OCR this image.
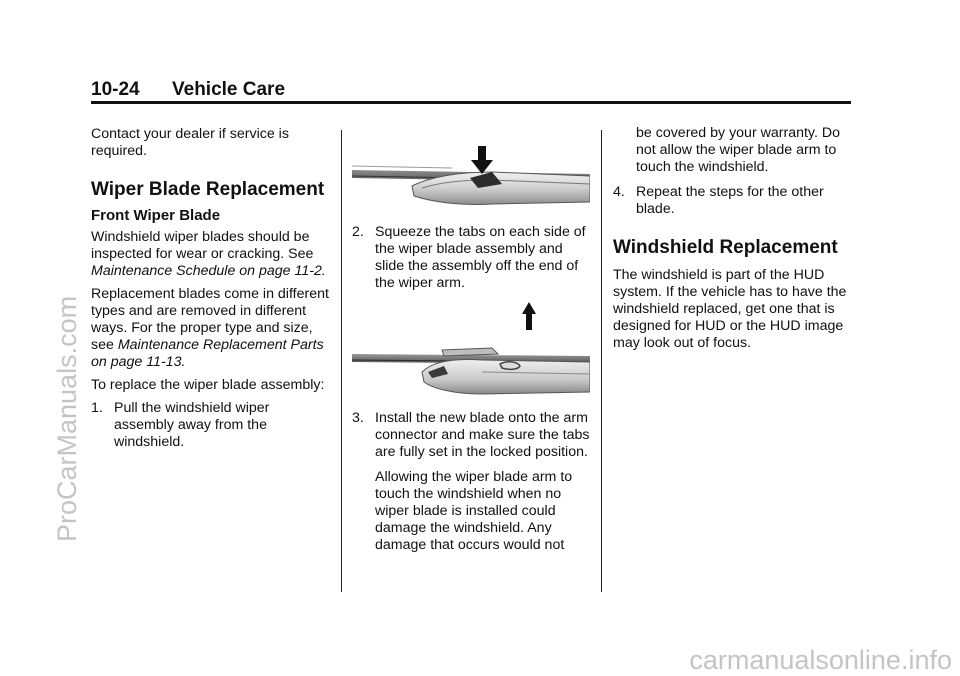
10-24 Vehicle Care

Contact your dealer if service is required.

Wiper Blade Replacement
Front Wiper Blade

Windshield wiper blades should be inspected for wear or cracking. See Maintenance Schedule on page 11-2.

Replacement blades come in different types and are removed in different ways. For the proper type and size, see Maintenance Replacement Parts on page 11-13.

To replace the wiper blade assembly:

1. Pull the windshield wiper assembly away from the windshield.
2. Squeeze the tabs on each side of the wiper blade assembly and slide the assembly off the end of the wiper arm.
3. Install the new blade onto the arm connector and make sure the tabs are fully set in the locked position.

Allowing the wiper blade arm to touch the windshield when no wiper blade is installed could damage the windshield. Any damage that occurs would not

be covered by your warranty. Do not allow the wiper blade arm to touch the windshield.

4. Repeat the steps for the other blade.
Windshield Replacement

The windshield is part of the HUD system. If the vehicle has to have the windshield replaced, get one that is designed for HUD or the HUD image may look out of focus.

ProCarManuals.com
carmanualsonline.info
